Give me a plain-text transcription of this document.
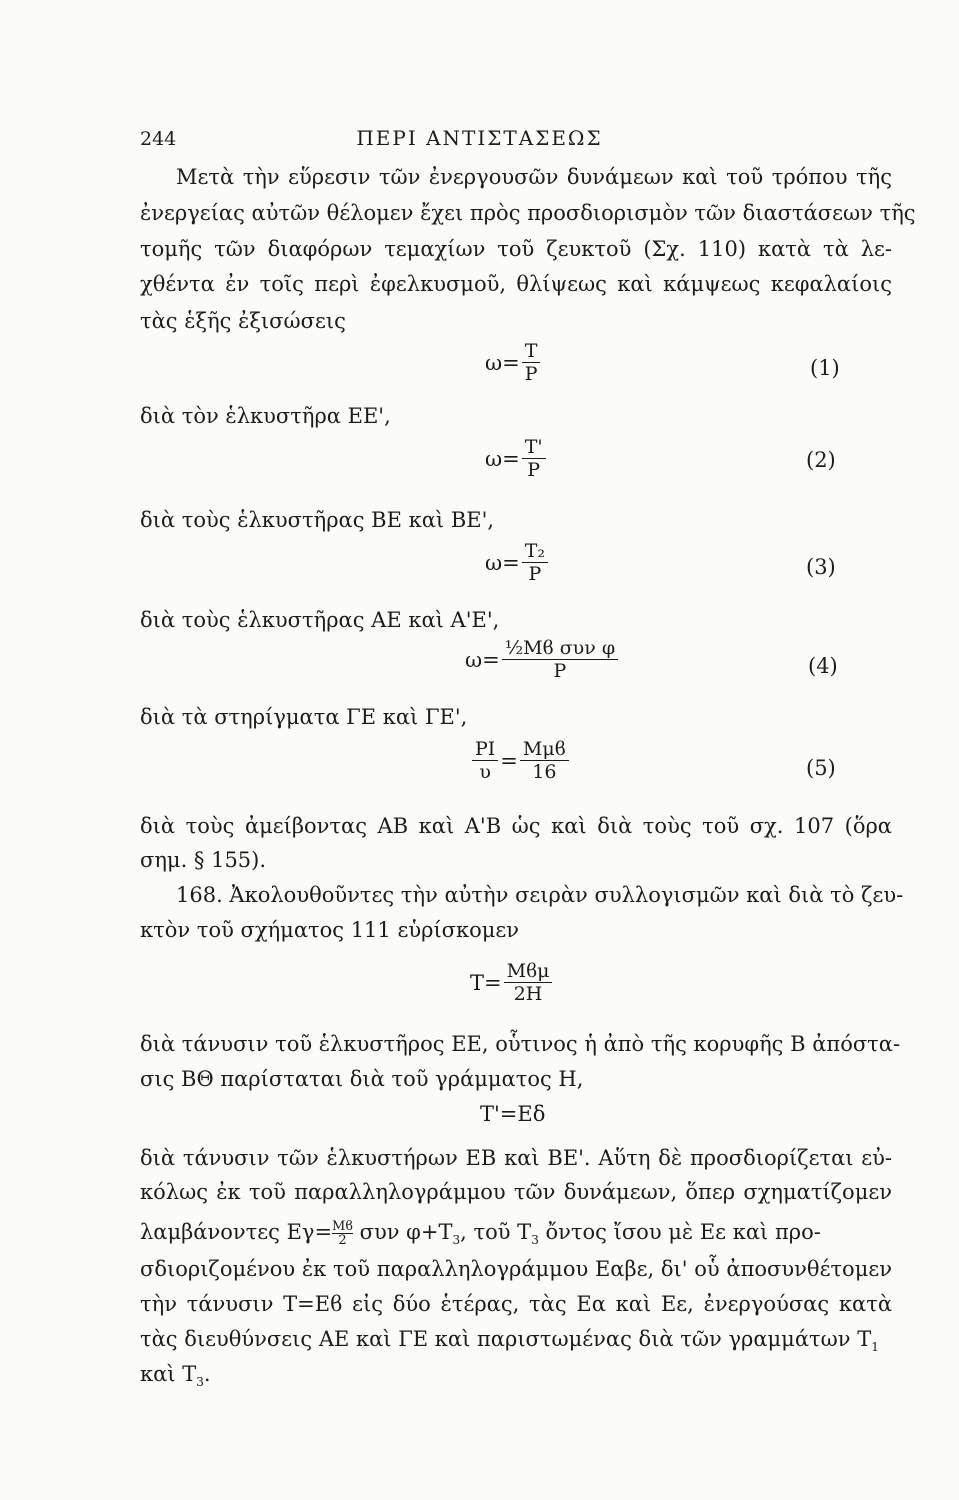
244	ΠΕΡΙ ΑΝΤΙΣΤΑΣΕΩΣ
Μετὰ τὴν εὕρεσιν τῶν ἐνεργουσῶν δυνάμεων καὶ τοῦ τρόπου τῆς
ἐνεργείας αὐτῶν θέλομεν ἔχει πρὸς προσδιορισμὸν τῶν διαστάσεων τῆς
τομῆς τῶν διαφόρων τεμαχίων τοῦ ζευκτοῦ (Σχ. 110) κατὰ τὰ λε-
χθέντα ἐν τοῖς περὶ ἐφελκυσμοῦ, θλίψεως καὶ κάμψεως κεφαλαίοις
τὰς ἑξῆς ἐξισώσεις
$\omega= \frac{T}{P}$	(1)
διὰ τὸν ἑλκυστῆρα ΕΕ',
$\omega= \frac{T'}{P}$	(2)
διὰ τοὺς ἑλκυστῆρας ΒΕ καὶ ΒΕ',
$\omega= \frac{\text{T₂}}{P}$	(3)
διὰ τοὺς ἑλκυστῆρας ΑΕ καὶ Α'Ε',
$\omega= \frac{\text{½Mϐ συν φ}}{P}$	(4)
διὰ τὰ στηρίγματα ΓΕ καὶ ΓΕ',
$\frac{PI}{\upsilon} = \frac{\text{Mμϐ}}{16}$	(5)
διὰ τοὺς ἀμείβοντας ΑΒ καὶ Α'Β ὡς καὶ διὰ τοὺς τοῦ σχ. 107 (ὅρα
σημ. § 155).
168. Ἀκολουθοῦντες τὴν αὐτὴν σειρὰν συλλογισμῶν καὶ διὰ τὸ ζευ-
κτὸν τοῦ σχήματος 111 εὑρίσκομεν
$T= \frac{\text{Mϐμ}}{2H}$
διὰ τάνυσιν τοῦ ἑλκυστῆρος ΕΕ, οὗτινος ἡ ἀπὸ τῆς κορυφῆς Β ἀπόστα-
σις ΒΘ παρίσταται διὰ τοῦ γράμματος Η,
T'=Εδ
διὰ τάνυσιν τῶν ἑλκυστήρων ΕΒ καὶ ΒΕ'. Αὕτη δὲ προσδιορίζεται εὐ-
κόλως ἐκ τοῦ παραλληλογράμμου τῶν δυνάμεων, ὅπερ σχηματίζομεν
λαμβάνοντες $E\gamma= \frac{Mϐ}{2}$ συν $\varphi+T_3$, τοῦ $T_3$ ὄντος ἴσου μὲ Εε καὶ προ-
σδιοριζομένου ἐκ τοῦ παραλληλογράμμου Εαβε, δι' οὗ ἀποσυνθέτομεν
τὴν τάνυσιν Τ=Εϐ εἰς δύο ἑτέρας, τὰς Εα καὶ Εε, ἐνεργούσας κατὰ
τὰς διευθύνσεις ΑΕ καὶ ΓΕ καὶ παριστωμένας διὰ τῶν γραμμάτων $T_1$
καὶ $T_3$.
